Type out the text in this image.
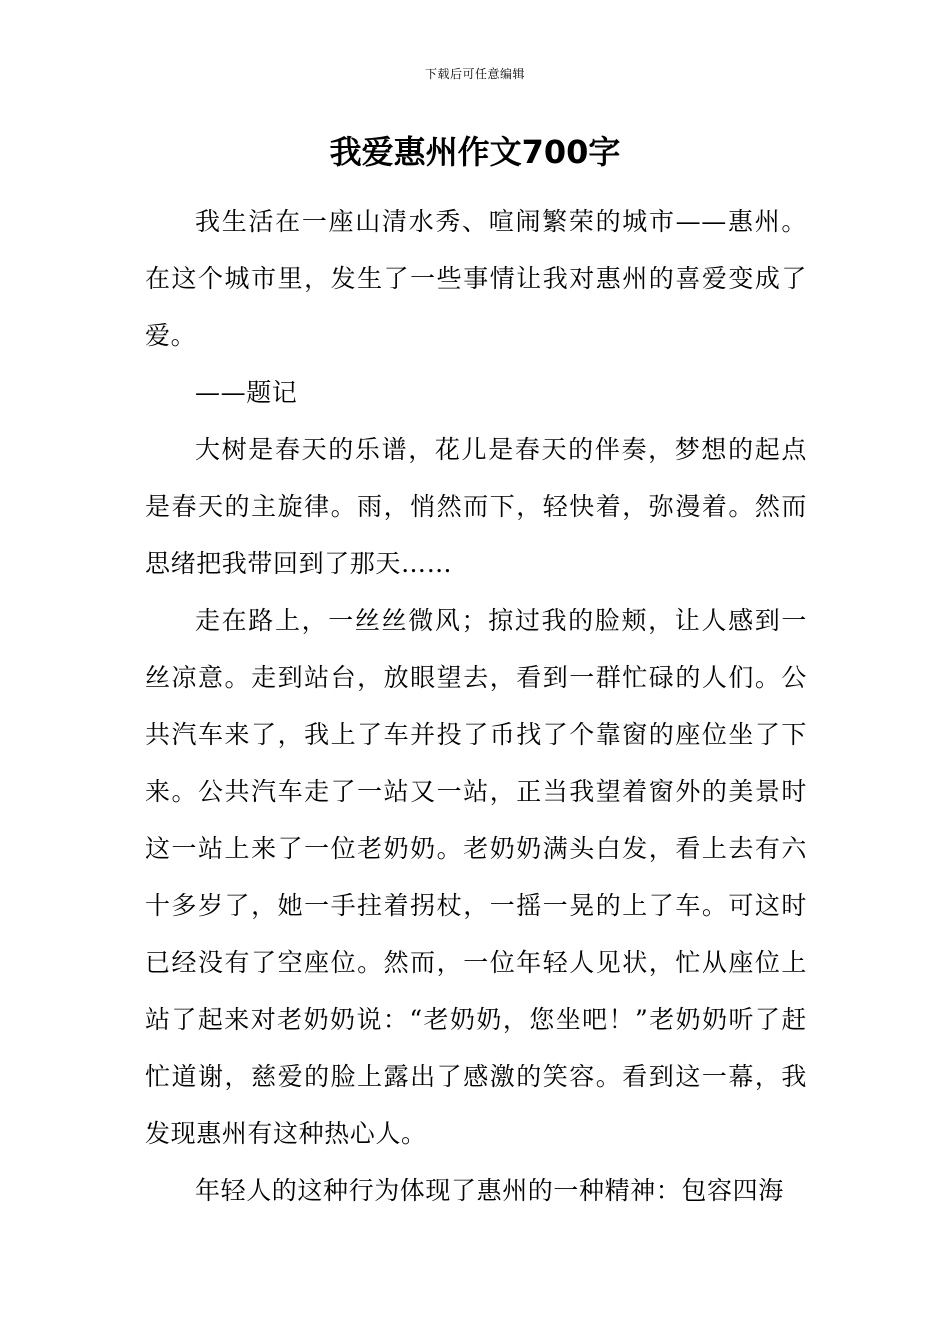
下载后可任意编辑
我爱惠州作文700字

我生活在一座山清水秀、喧闹繁荣的城市——惠州。在这个城市里，发生了一些事情让我对惠州的喜爱变成了爱。

——题记

大树是春天的乐谱，花儿是春天的伴奏，梦想的起点是春天的主旋律。雨，悄然而下，轻快着，弥漫着。然而思绪把我带回到了那天……

走在路上，一丝丝微风；掠过我的脸颊，让人感到一丝凉意。走到站台，放眼望去，看到一群忙碌的人们。公共汽车来了，我上了车并投了币找了个靠窗的座位坐了下来。公共汽车走了一站又一站，正当我望着窗外的美景时这一站上来了一位老奶奶。老奶奶满头白发，看上去有六十多岁了，她一手拄着拐杖，一摇一晃的上了车。可这时已经没有了空座位。然而，一位年轻人见状，忙从座位上站了起来对老奶奶说：“老奶奶，您坐吧！”老奶奶听了赶忙道谢，慈爱的脸上露出了感激的笑容。看到这一幕，我发现惠州有这种热心人。

年轻人的这种行为体现了惠州的一种精神：包容四海
